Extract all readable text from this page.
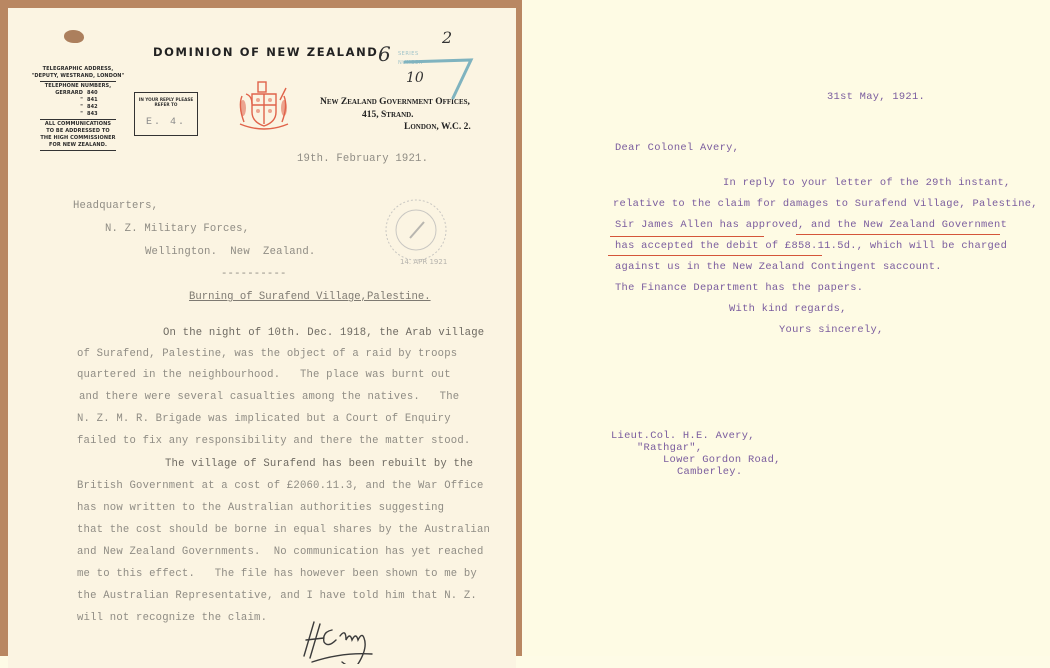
TELEGRAPHIC ADDRESS,
"DEPUTY, WESTRAND, LONDON"
TELEPHONE NUMBERS,
GERRARD 840
" 841
" 842
" 843
ALL COMMUNICATIONS
TO BE ADDRESSED TO
THE HIGH COMMISSIONER
FOR NEW ZEALAND.
IN YOUR REPLY PLEASE
REFER TO
E. 4.
DOMINION OF NEW ZEALAND.
New Zealand Government Offices,
415, Strand.
London, W.C. 2.
SERIES
NUMBER
6
2
10
19th. February 1921.
Headquarters,
N. Z. Military Forces,
Wellington.  New  Zealand.
----------
14. APR 1921
Burning of Surafend Village,Palestine.
On the night of 10th. Dec. 1918, the Arab village
of Surafend, Palestine, was the object of a raid by troops
quartered in the neighbourhood.   The place was burnt out
and there were several casualties among the natives.   The
N. Z. M. R. Brigade was implicated but a Court of Enquiry
failed to fix any responsibility and there the matter stood.
The village of Surafend has been rebuilt by the
British Government at a cost of £2060.11.3, and the War Office
has now written to the Australian authorities suggesting
that the cost should be borne in equal shares by the Australian
and New Zealand Governments.  No communication has yet reached
me to this effect.   The file has however been shown to me by
the Australian Representative, and I have told him that N. Z.
will not recognize the claim.
31st May, 1921.
Dear Colonel Avery,
In reply to your letter of the 29th instant,
relative to the claim for damages to Surafend Village, Palestine,
Sir James Allen has approved, and the New Zealand Government
has accepted the debit of £858.11.5d., which will be charged
against us in the New Zealand Contingent saccount.
The Finance Department has the papers.
With kind regards,
Yours sincerely,
Lieut.Col. H.E. Avery,
"Rathgar",
Lower Gordon Road,
Camberley.
